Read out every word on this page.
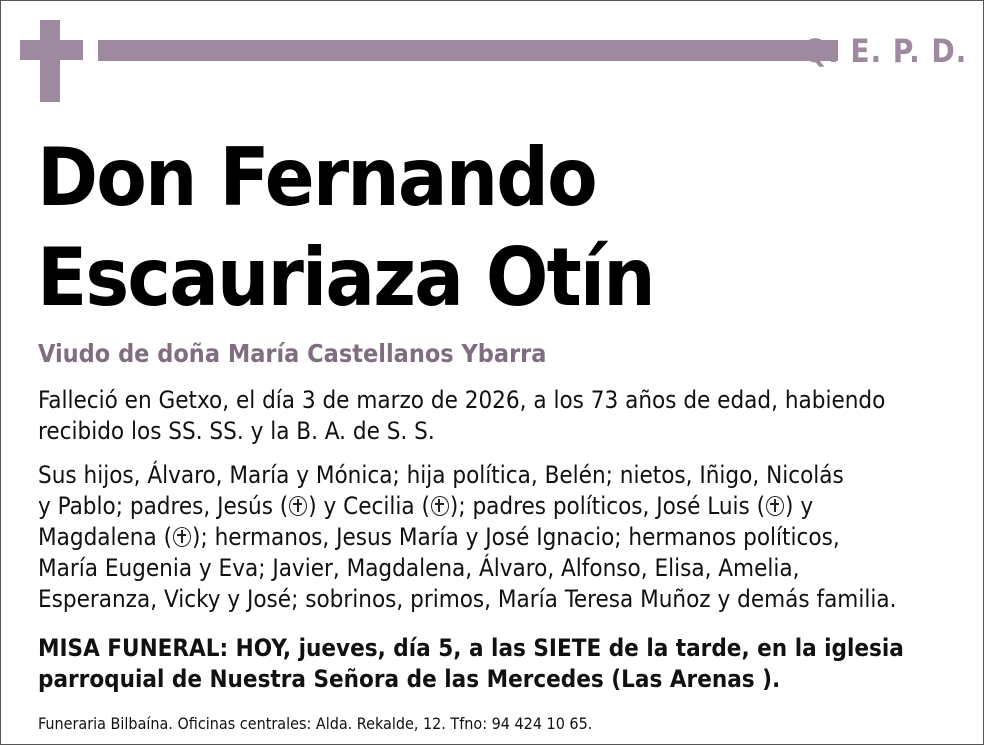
Q. E. P. D.
Don Fernando
Escauriaza Otín
Viudo de doña María Castellanos Ybarra
Falleció en Getxo, el día 3 de marzo de 2026, a los 73 años de edad, habiendo
recibido los SS. SS. y la B. A. de S. S.
Sus hijos, Álvaro, María y Mónica; hija política, Belén; nietos, Iñigo, Nicolás
y Pablo; padres, Jesús ( ) y Cecilia ( ); padres políticos, José Luis ( ) y
Magdalena ( ); hermanos, Jesus María y José Ignacio; hermanos políticos,
María Eugenia y Eva; Javier, Magdalena, Álvaro, Alfonso, Elisa, Amelia,
Esperanza, Vicky y José; sobrinos, primos, María Teresa Muñoz y demás familia.
MISA FUNERAL: HOY, jueves, día 5, a las SIETE de la tarde, en la iglesia
parroquial de Nuestra Señora de las Mercedes (Las Arenas ).
Funeraria Bilbaína. Oficinas centrales: Alda. Rekalde, 12. Tfno: 94 424 10 65.
